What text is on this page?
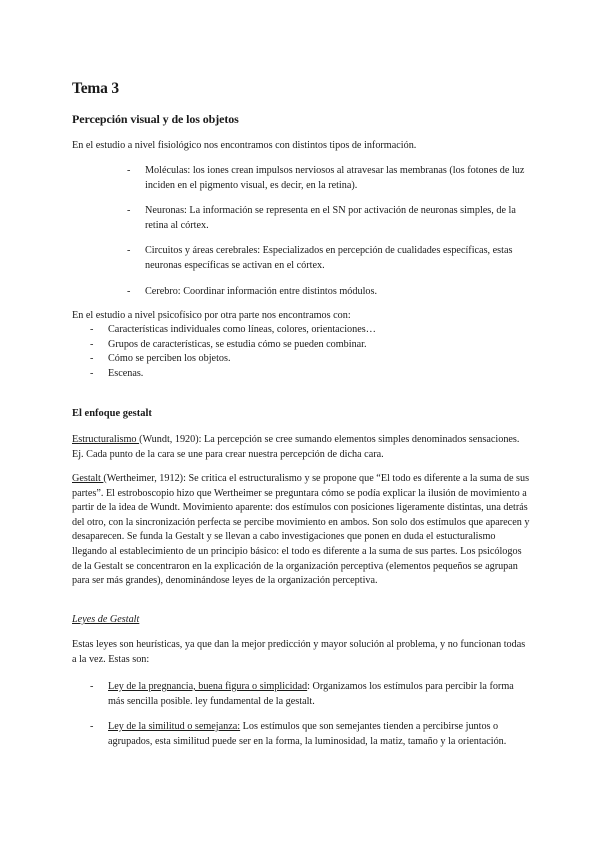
Tema 3
Percepción visual y de los objetos

En el estudio a nivel fisiológico nos encontramos con distintos tipos de información.

- Moléculas: los iones crean impulsos nerviosos al atravesar las membranas (los fotones de luz inciden en el pigmento visual, es decir, en la retina).
- Neuronas: La información se representa en el SN por activación de neuronas simples, de la retina al córtex.
- Circuitos y áreas cerebrales: Especializados en percepción de cualidades específicas, estas neuronas específicas se activan en el córtex.
- Cerebro: Coordinar información entre distintos módulos.

En el estudio a nivel psicofísico por otra parte nos encontramos con:

- Características individuales como líneas, colores, orientaciones…
- Grupos de características, se estudia cómo se pueden combinar.
- Cómo se perciben los objetos.
- Escenas.
El enfoque gestalt

Estructuralismo (Wundt, 1920): La percepción se cree sumando elementos simples denominados sensaciones. Ej. Cada punto de la cara se une para crear nuestra percepción de dicha cara.

Gestalt (Wertheimer, 1912): Se critica el estructuralismo y se propone que “El todo es diferente a la suma de sus partes”. El estroboscopio hizo que Wertheimer se preguntara cómo se podía explicar la ilusión de movimiento a partir de la idea de Wundt. Movimiento aparente: dos estímulos con posiciones ligeramente distintas, una detrás del otro, con la sincronización perfecta se percibe movimiento en ambos. Son solo dos estímulos que aparecen y desaparecen. Se funda la Gestalt y se llevan a cabo investigaciones que ponen en duda el estucturalismo llegando al establecimiento de un principio básico: el todo es diferente a la suma de sus partes. Los psicólogos de la Gestalt se concentraron en la explicación de la organización perceptiva (elementos pequeños se agrupan para ser más grandes), denominándose leyes de la organización perceptiva.

Leyes de Gestalt

Estas leyes son heurísticas, ya que dan la mejor predicción y mayor solución al problema, y no funcionan todas a la vez. Estas son:

- Ley de la pregnancia, buena figura o simplicidad: Organizamos los estímulos para percibir la forma más sencilla posible. ley fundamental de la gestalt.
- Ley de la similitud o semejanza: Los estímulos que son semejantes tienden a percibirse juntos o agrupados, esta similitud puede ser en la forma, la luminosidad, la matiz, tamaño y la orientación.
